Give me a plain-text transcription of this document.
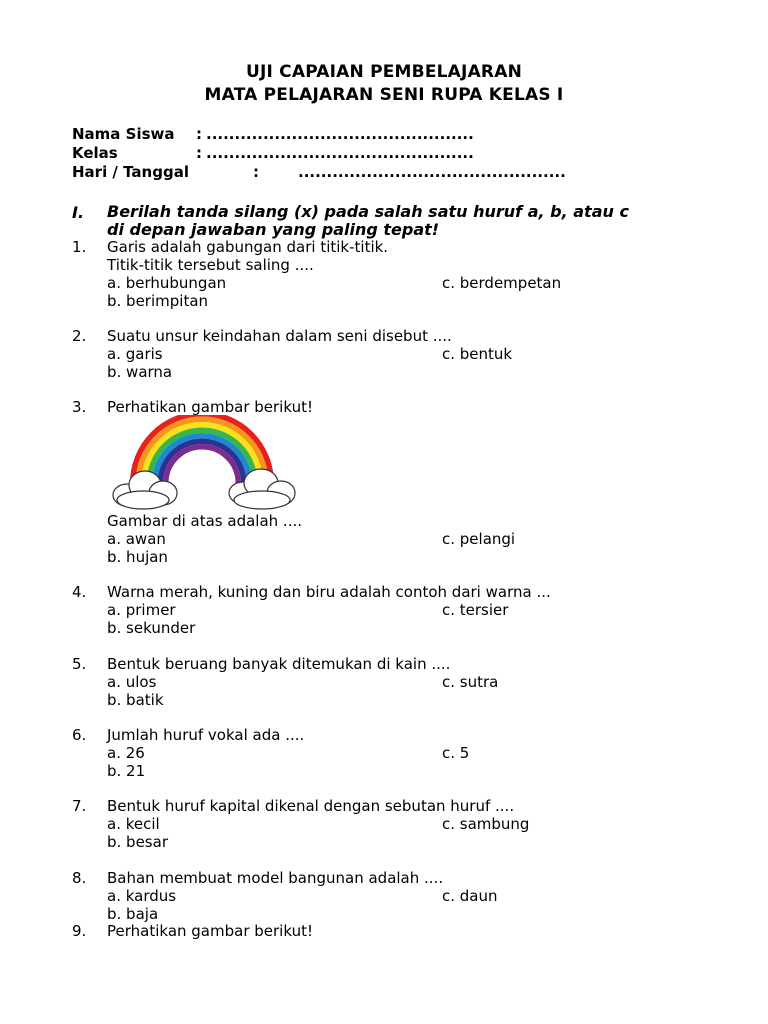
UJI CAPAIAN PEMBELAJARAN
MATA PELAJARAN SENI RUPA KELAS I
Nama Siswa : ...............................................
Kelas	: ...............................................
Hari / Tanggal	:	...............................................
I. Berilah tanda silang (x) pada salah satu huruf a, b, atau c
di depan jawaban yang paling tepat!
1. Garis adalah gabungan dari titik-titik.
Titik-titik tersebut saling ....
a. berhubungan	c. berdempetan
b. berimpitan
2. Suatu unsur keindahan dalam seni disebut ....
a. garis	c. bentuk
b. warna
3. Perhatikan gambar berikut!
Gambar di atas adalah ....
a. awan	c. pelangi
b. hujan
4. Warna merah, kuning dan biru adalah contoh dari warna ...
a. primer	c. tersier
b. sekunder
5. Bentuk beruang banyak ditemukan di kain ....
a. ulos	c. sutra
b. batik
6. Jumlah huruf vokal ada ....
a. 26	c. 5
b. 21
7. Bentuk huruf kapital dikenal dengan sebutan huruf ....
a. kecil	c. sambung
b. besar
8. Bahan membuat model bangunan adalah ....
a. kardus	c. daun
b. baja
9. Perhatikan gambar berikut!
